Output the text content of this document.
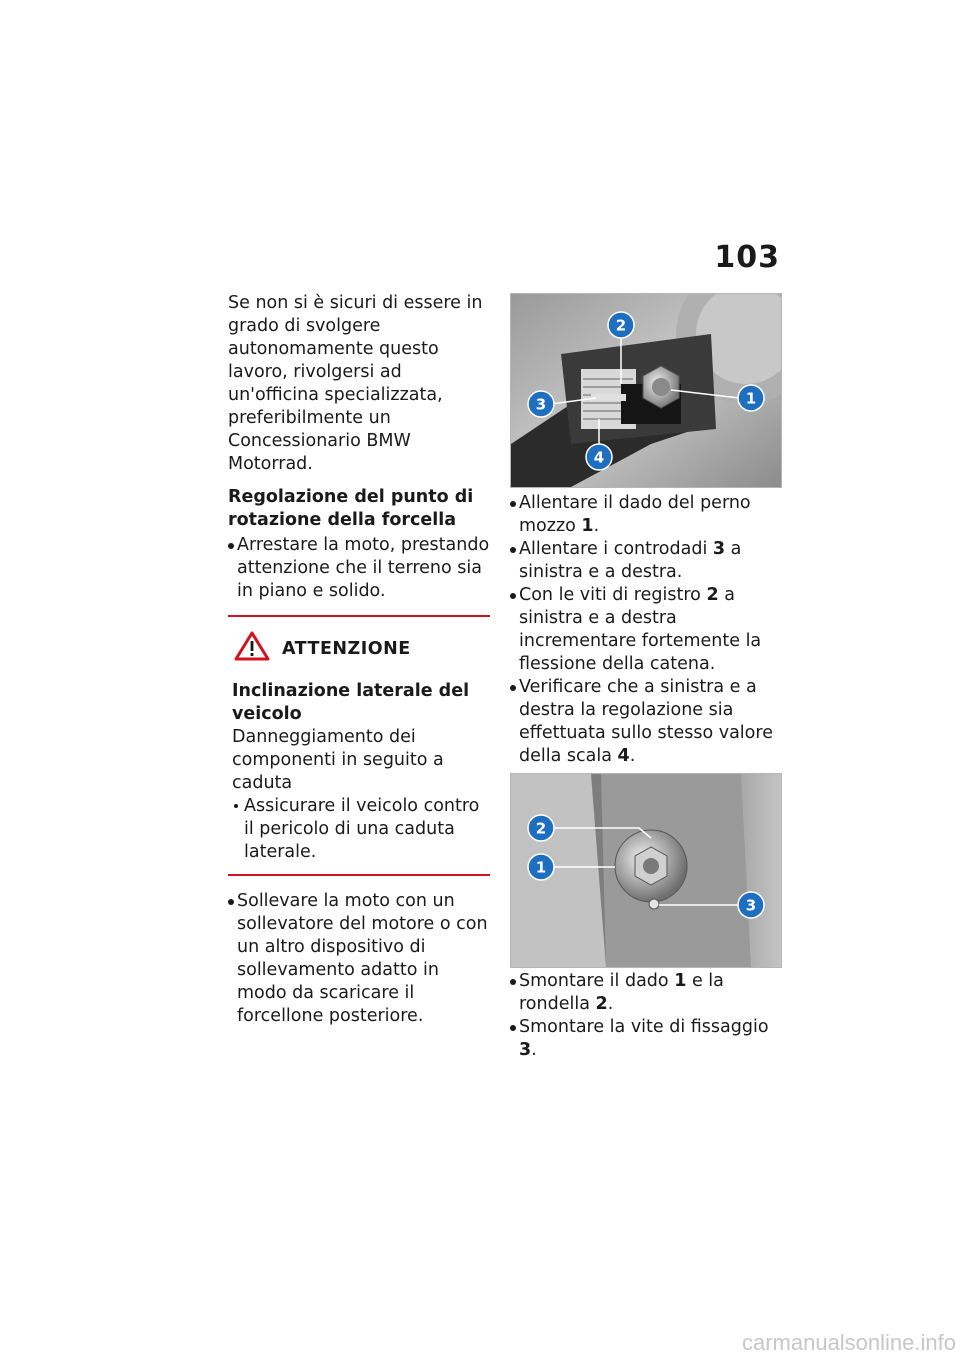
103

Se non si è sicuri di essere in grado di svolgere autonomamente questo lavoro, rivolgersi ad un'officina specializzata, preferibilmente un Concessionario BMW Motorrad.

Regolazione del punto di rotazione della forcella

Arrestare la moto, prestando attenzione che il terreno sia in piano e solido.
ATTENZIONE

Inclinazione laterale del veicolo

Danneggiamento dei componenti in seguito a caduta

Assicurare il veicolo contro il pericolo di una caduta laterale.
Sollevare la moto con un sollevatore del motore o con un altro dispositivo di sollevamento adatto in modo da scaricare il forcellone posteriore.
2
3
4
1
Allentare il dado del perno mozzo 1.
Allentare i controdadi 3 a sinistra e a destra.
Con le viti di registro 2 a sinistra e a destra incrementare fortemente la flessione della catena.
Verificare che a sinistra e a destra la regolazione sia effettuata sullo stesso valore della scala 4.
2
1
3
Smontare il dado 1 e la rondella 2.
Smontare la vite di fissaggio 3.
carmanualsonline.info
